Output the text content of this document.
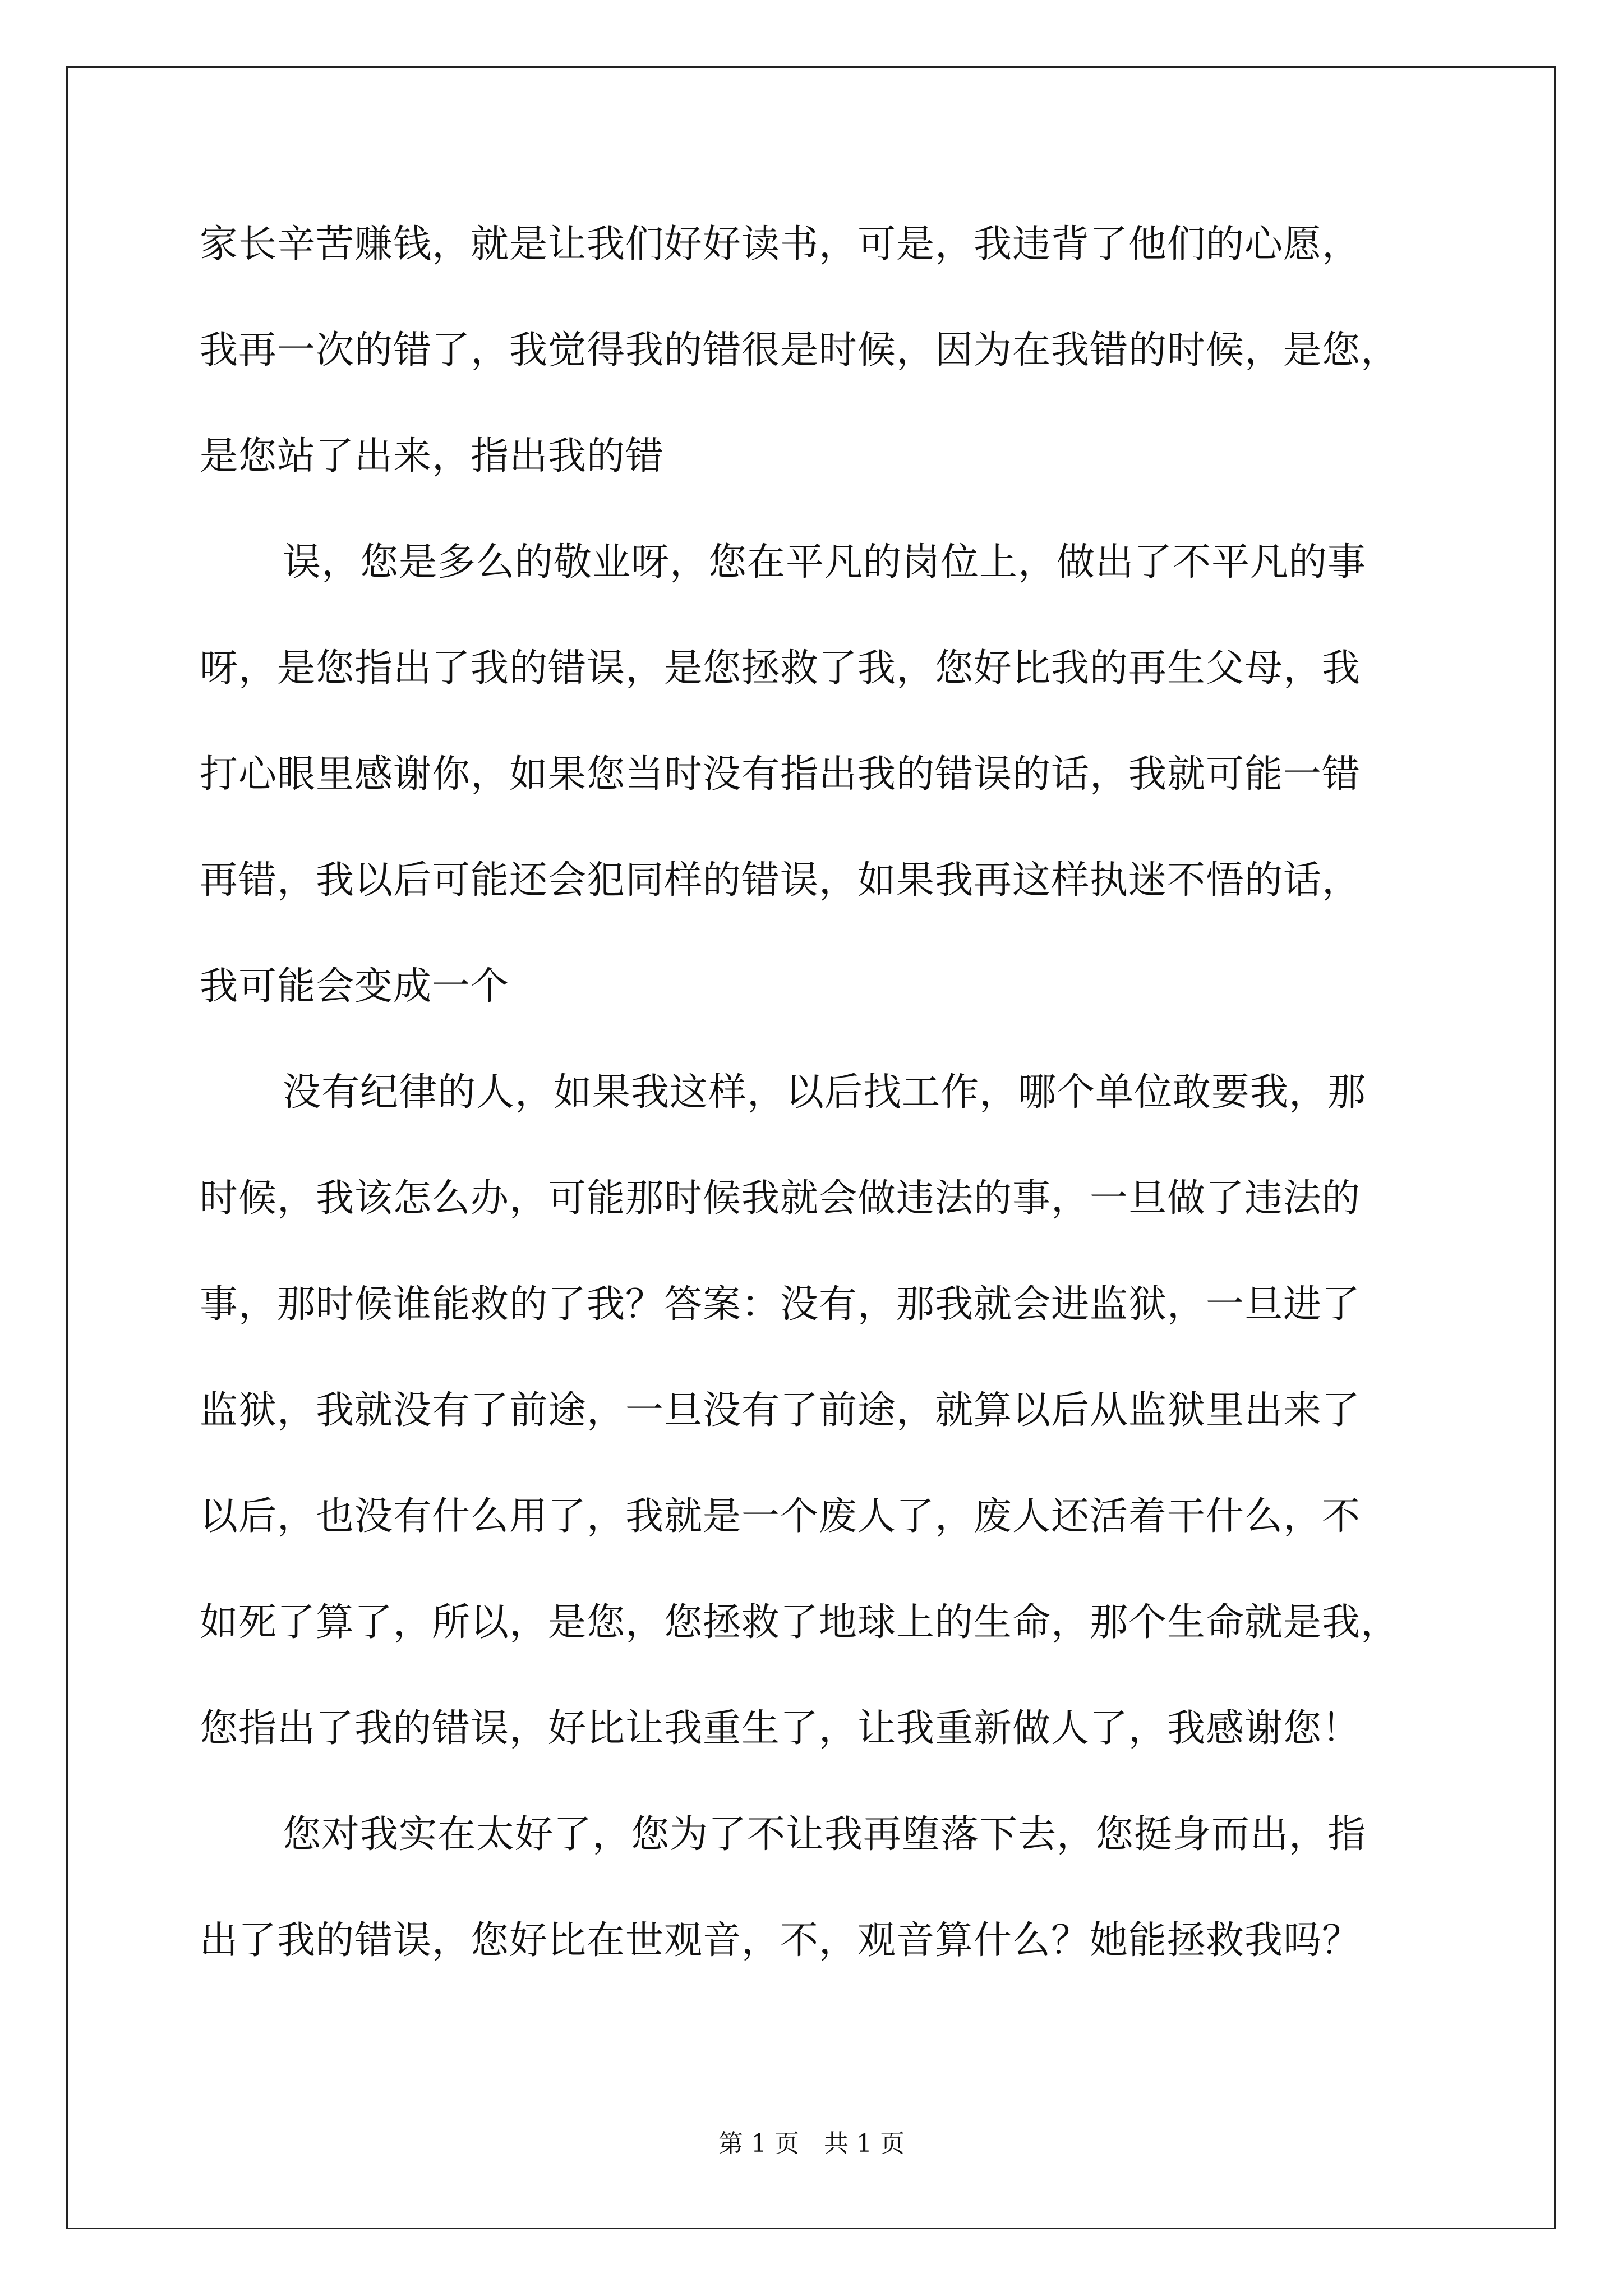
家长辛苦赚钱，就是让我们好好读书，可是，我违背了他们的心愿，
我再一次的错了，我觉得我的错很是时候，因为在我错的时候，是您，
是您站了出来，指出我的错
误，您是多么的敬业呀，您在平凡的岗位上，做出了不平凡的事
呀，是您指出了我的错误，是您拯救了我，您好比我的再生父母，我
打心眼里感谢你，如果您当时没有指出我的错误的话，我就可能一错
再错，我以后可能还会犯同样的错误，如果我再这样执迷不悟的话，
我可能会变成一个
没有纪律的人，如果我这样，以后找工作，哪个单位敢要我，那
时候，我该怎么办，可能那时候我就会做违法的事，一旦做了违法的
事，那时候谁能救的了我？答案：没有，那我就会进监狱，一旦进了
监狱，我就没有了前途，一旦没有了前途，就算以后从监狱里出来了
以后，也没有什么用了，我就是一个废人了，废人还活着干什么，不
如死了算了，所以，是您，您拯救了地球上的生命，那个生命就是我，
您指出了我的错误，好比让我重生了，让我重新做人了，我感谢您！
您对我实在太好了，您为了不让我再堕落下去，您挺身而出，指
出了我的错误，您好比在世观音，不，观音算什么？她能拯救我吗？
第 1 页　共 1 页
